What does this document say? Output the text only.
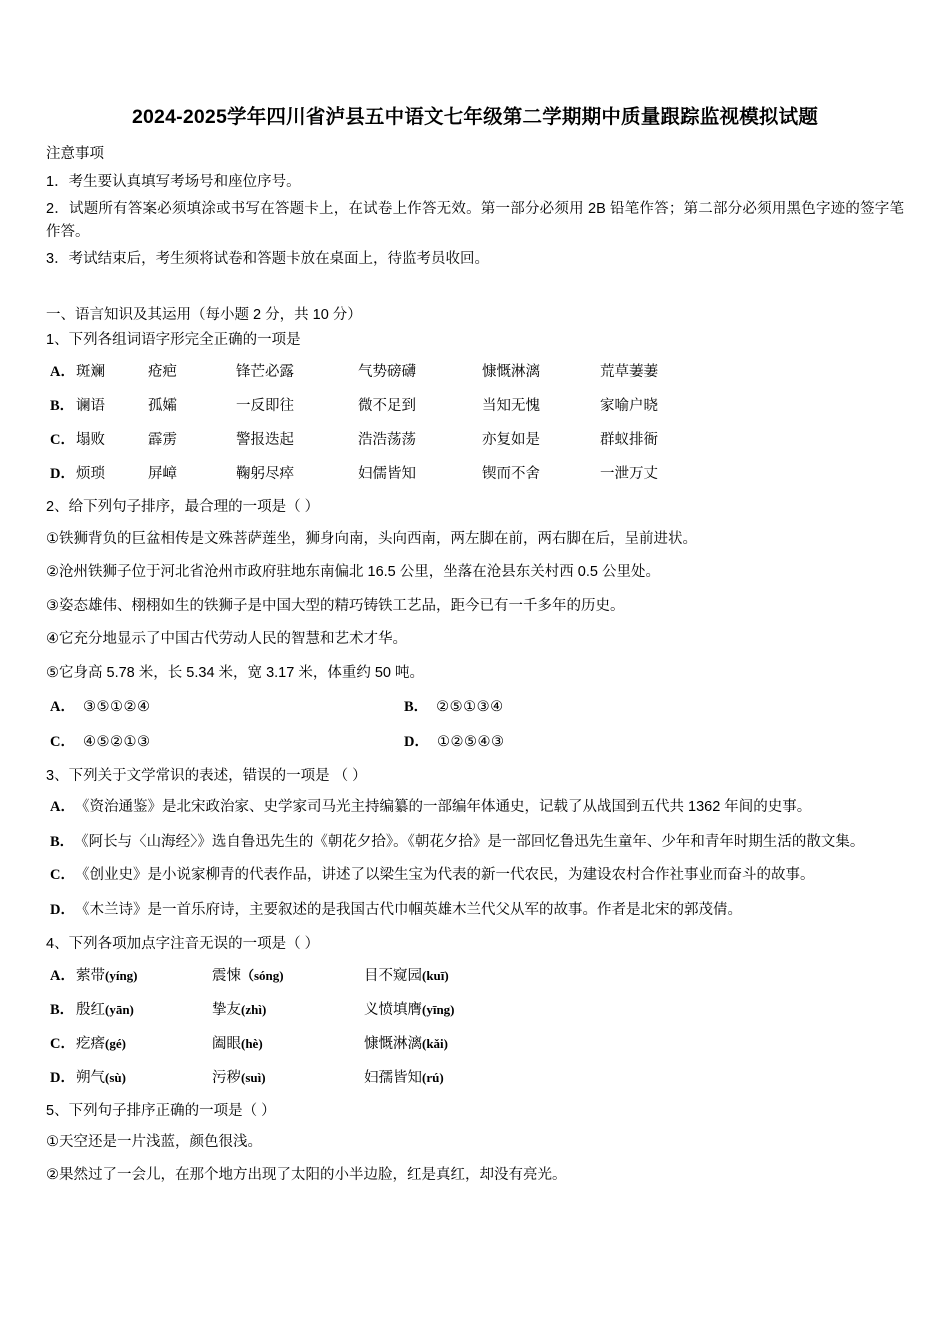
2024-2025学年四川省泸县五中语文七年级第二学期期中质量跟踪监视模拟试题
注意事项
1．考生要认真填写考场号和座位序号。
2．试题所有答案必须填涂或书写在答题卡上，在试卷上作答无效。第一部分必须用 2B 铅笔作答；第二部分必须用黑色字迹的签字笔作答。
3．考试结束后，考生须将试卷和答题卡放在桌面上，待监考员收回。
一、语言知识及其运用（每小题 2 分，共 10 分）
1、下列各组词语字形完全正确的一项是
A． 斑斓	疮疤	锋芒必露	气势磅礴	慷慨淋漓	荒草萋萋
B． 谰语	孤孀	一反即往	微不足到	当知无愧	家喻户晓
C． 塌败	霹雳	警报迭起	浩浩荡荡	亦复如是	群蚁排衙
D． 烦琐	屏嶂	鞠躬尽瘁	妇儒皆知	锲而不舍	一泄万丈
2、给下列句子排序，最合理的一项是（ ）
①铁狮背负的巨盆相传是文殊菩萨莲坐，狮身向南，头向西南，两左脚在前，两右脚在后，呈前进状。
②沧州铁狮子位于河北省沧州市政府驻地东南偏北 16.5 公里，坐落在沧县东关村西 0.5 公里处。
③姿态雄伟、栩栩如生的铁狮子是中国大型的精巧铸铁工艺品，距今已有一千多年的历史。
④它充分地显示了中国古代劳动人民的智慧和艺术才华。
⑤它身高 5.78 米，长 5.34 米，宽 3.17 米，体重约 50 吨。
A． ③⑤①②④	B． ②⑤①③④
C． ④⑤②①③	D． ①②⑤④③
3、下列关于文学常识的表述，错误的一项是 （ ）
A． 《资治通鉴》是北宋政治家、史学家司马光主持编纂的一部编年体通史，记载了从战国到五代共 1362 年间的史事。
B． 《阿长与〈山海经〉》选自鲁迅先生的《朝花夕拾》。《朝花夕拾》是一部回忆鲁迅先生童年、少年和青年时期生活的散文集。
C． 《创业史》是小说家柳青的代表作品，讲述了以梁生宝为代表的新一代农民，为建设农村合作社事业而奋斗的故事。
D． 《木兰诗》是一首乐府诗，主要叙述的是我国古代巾帼英雄木兰代父从军的故事。作者是北宋的郭茂倩。
4、下列各项加点字注音无误的一项是（ ）
A． 萦带(yíng)	震悚（sóng)	目不窥园(kuī)
B． 殷红(yān)	挚友(zhì)	义愤填膺(yīng)
C． 疙瘩(gé)	阖眼(hè)	慷慨淋漓(kǎi)
D． 朔气(sù)	污秽(suì)	妇孺皆知(rú)
5、下列句子排序正确的一项是（ ）
①天空还是一片浅蓝，颜色很浅。
②果然过了一会儿，在那个地方出现了太阳的小半边脸，红是真红，却没有亮光。
